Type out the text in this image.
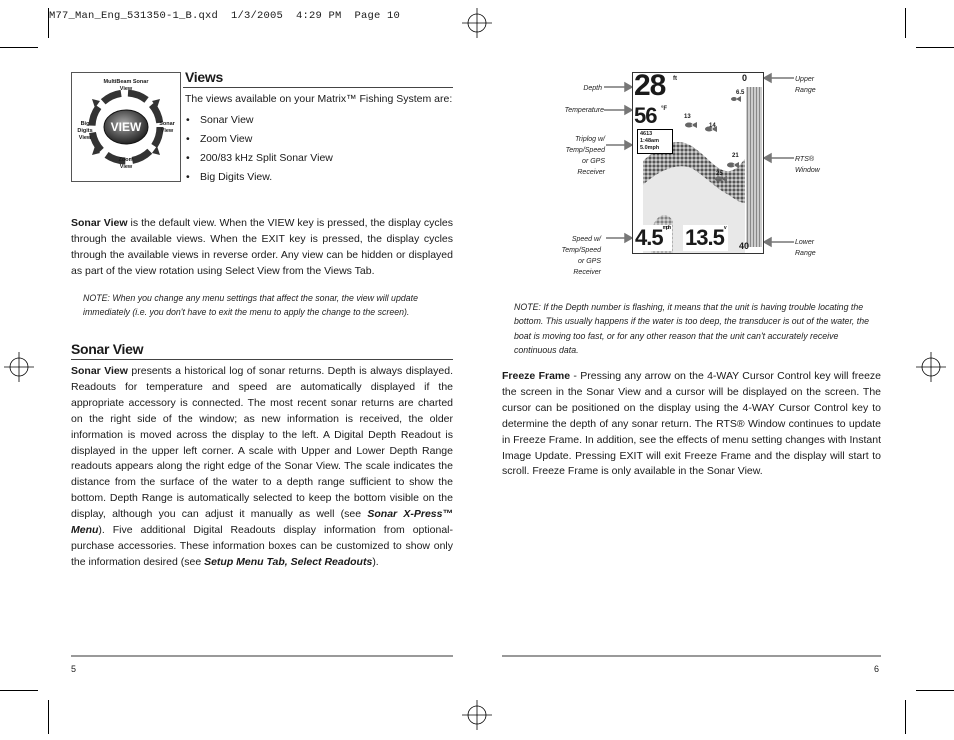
M77_Man_Eng_531350-1_B.qxd  1/3/2005  4:29 PM  Page 10
VIEW
MultiBeam Sonar View
Big Digits View
Sonar View
Zoom View
Views
The views available on your Matrix™ Fishing System are:
• Sonar View
• Zoom View
• 200/83 kHz Split Sonar View
• Big Digits View.

Sonar View is the default view. When the VIEW key is pressed, the display cycles through the available views. When the EXIT key is pressed, the display cycles through the available views in reverse order. Any view can be hidden or displayed as part of the view rotation using Select View from the Views Tab.

NOTE: When you change any menu settings that affect the sonar, the view will update immediately (i.e. you don't have to exit the menu to apply the change to the screen).

Sonar View

Sonar View presents a historical log of sonar returns. Depth is always displayed. Readouts for temperature and speed are automatically displayed if the appropriate accessory is connected. The most recent sonar returns are charted on the right side of the window; as new information is received, the older information is moved across the display to the left. A Digital Depth Readout is displayed in the upper left corner. A scale with Upper and Lower Depth Range readouts appears along the right edge of the Sonar View. The scale indicates the distance from the surface of the water to a depth range sufficient to show the bottom. Depth Range is automatically selected to keep the bottom visible on the display, although you can adjust it manually as well (see Sonar X-Press™ Menu). Five additional Digital Readouts display information from optional-purchase accessories. These information boxes can be customized to show only the information desired (see Setup Menu Tab, Select Readouts).

5
Depth
Temperature
Triplog w/ Temp/Speed or GPS Receiver
Speed w/ Temp/Speed or GPS Receiver
Upper Range
RTS® Window
Lower Range
28 ft
56 °F
4613
1:48am
5.0mph
0
40
6.5
13
14
21
25
$4.5^{mph}$ 13.5$^v$

NOTE: If the Depth number is flashing, it means that the unit is having trouble locating the bottom. This usually happens if the water is too deep, the transducer is out of the water, the boat is moving too fast, or for any other reason that the unit can't accurately receive continuous data.

Freeze Frame - Pressing any arrow on the 4-WAY Cursor Control key will freeze the screen in the Sonar View and a cursor will be displayed on the screen. The cursor can be positioned on the display using the 4-WAY Cursor Control key to determine the depth of any sonar return. The RTS® Window continues to update in Freeze Frame. In addition, see the effects of menu setting changes with Instant Image Update. Pressing EXIT will exit Freeze Frame and the display will start to scroll. Freeze Frame is only available in the Sonar View.

6
